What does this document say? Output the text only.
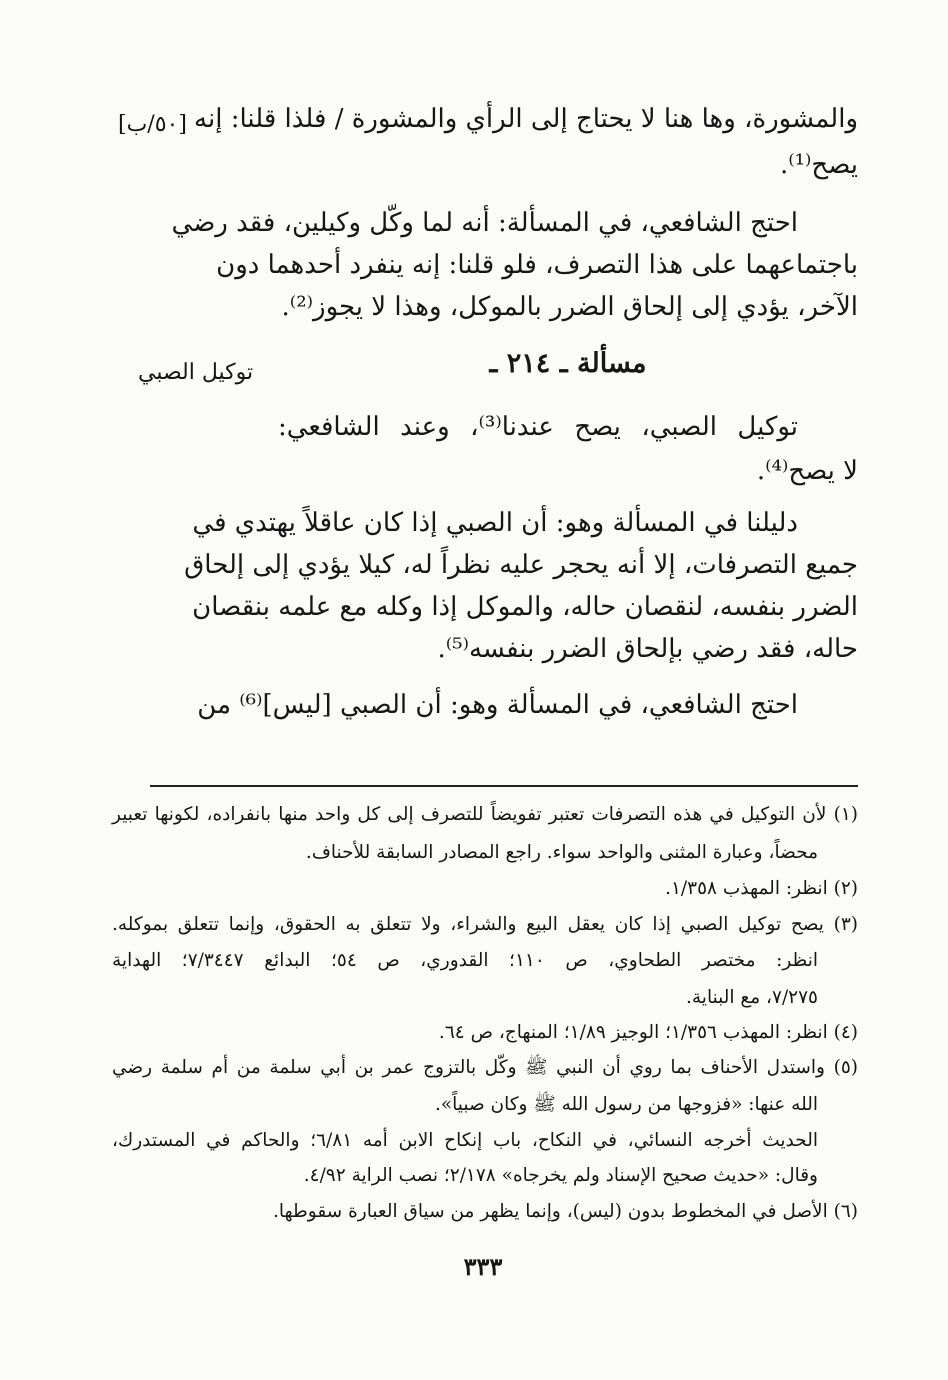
[٥٠/ب]
توكيل الصبي
والمشورة، وها هنا لا يحتاج إلى الرأي والمشورة / فلذا قلنا: إنه
يصح⁽¹⁾.
احتج الشافعي، في المسألة: أنه لما وكّل وكيلين، فقد رضي
باجتماعهما على هذا التصرف، فلو قلنا: إنه ينفرد أحدهما دون
الآخر، يؤدي إلى إلحاق الضرر بالموكل، وهذا لا يجوز⁽²⁾.
مسألة ـ ٢١٤ ـ
توكيل الصبي، يصح عندنا⁽³⁾، وعند الشافعي:
لا يصح⁽⁴⁾.
دليلنا في المسألة وهو: أن الصبي إذا كان عاقلاً يهتدي في
جميع التصرفات، إلا أنه يحجر عليه نظراً له، كيلا يؤدي إلى إلحاق
الضرر بنفسه، لنقصان حاله، والموكل إذا وكله مع علمه بنقصان
حاله، فقد رضي بإلحاق الضرر بنفسه⁽⁵⁾.
احتج الشافعي، في المسألة وهو: أن الصبي [ليس]⁽⁶⁾ من
(١) لأن التوكيل في هذه التصرفات تعتبر تفويضاً للتصرف إلى كل واحد منها بانفراده، لكونها تعبير
محضاً، وعبارة المثنى والواحد سواء. راجع المصادر السابقة للأحناف.
(٢) انظر: المهذب ١/٣٥٨.
(٣) يصح توكيل الصبي إذا كان يعقل البيع والشراء، ولا تتعلق به الحقوق، وإنما تتعلق بموكله.
انظر: مختصر الطحاوي، ص ١١٠؛ القدوري، ص ٥٤؛ البدائع ٧/٣٤٤٧؛ الهداية
٧/٢٧٥، مع البناية.
(٤) انظر: المهذب ١/٣٥٦؛ الوجيز ١/٨٩؛ المنهاج، ص ٦٤.
(٥) واستدل الأحناف بما روي أن النبي ﷺ وكّل بالتزوج عمر بن أبي سلمة من أم سلمة رضي
الله عنها: «فزوجها من رسول الله ﷺ وكان صبياً».
الحديث أخرجه النسائي، في النكاح، باب إنكاح الابن أمه ٦/٨١؛ والحاكم في المستدرك،
وقال: «حديث صحيح الإسناد ولم يخرجاه» ٢/١٧٨؛ نصب الراية ٤/٩٢.
(٦) الأصل في المخطوط بدون (ليس)، وإنما يظهر من سياق العبارة سقوطها.
٣٣٣
